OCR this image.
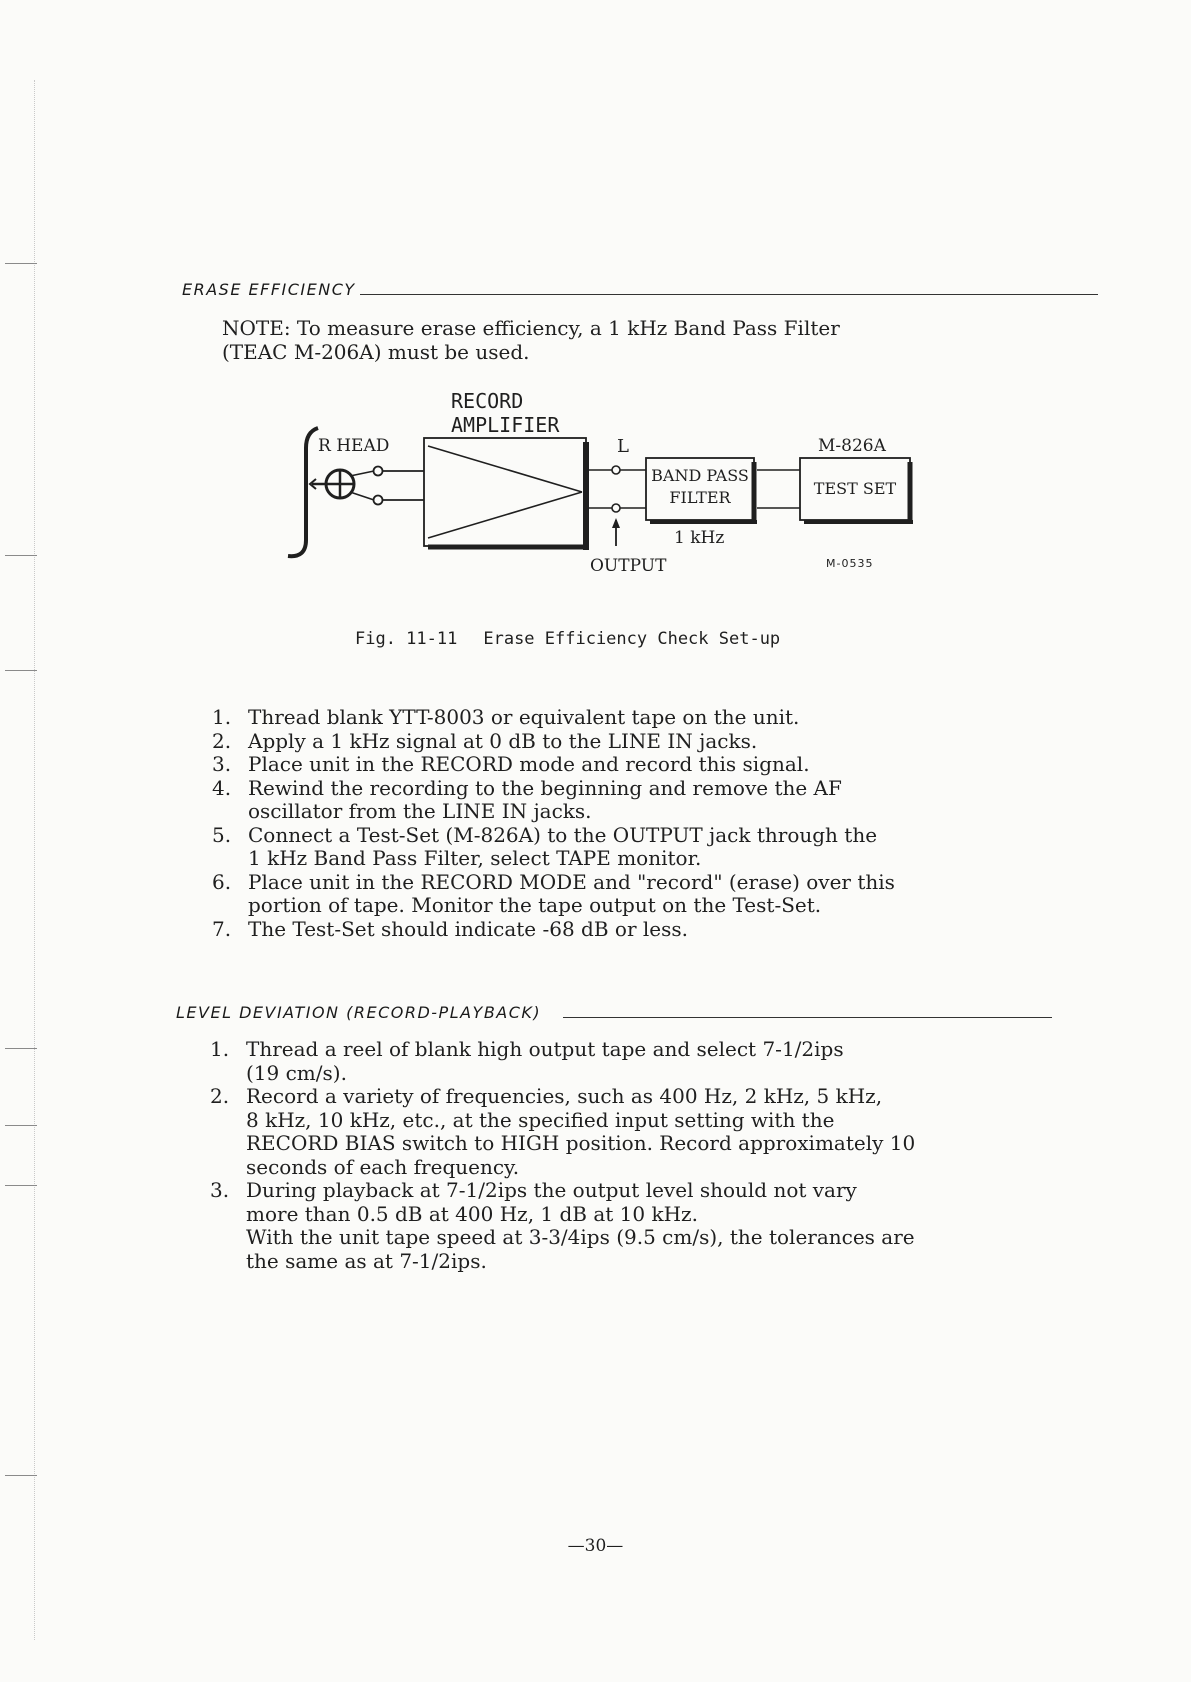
ERASE EFFICIENCY
NOTE: To measure erase efficiency, a 1 kHz Band Pass Filter
(TEAC M-206A) must be used.
RECORD
AMPLIFIER
R HEAD	L
OUTPUT
BAND PASS
FILTER
1 kHz
M-826A
TEST SET
M-0535
Fig. 11-11 Erase Efficiency Check Set-up
1. Thread blank YTT-8003 or equivalent tape on the unit.
2. Apply a 1 kHz signal at 0 dB to the LINE IN jacks.
3. Place unit in the RECORD mode and record this signal.
4. Rewind the recording to the beginning and remove the AF
oscillator from the LINE IN jacks.
5. Connect a Test-Set (M-826A) to the OUTPUT jack through the
1 kHz Band Pass Filter, select TAPE monitor.
6. Place unit in the RECORD MODE and "record" (erase) over this
portion of tape. Monitor the tape output on the Test-Set.
7. The Test-Set should indicate -68 dB or less.
LEVEL DEVIATION (RECORD-PLAYBACK)
1. Thread a reel of blank high output tape and select 7-1/2ips
(19 cm/s).
2. Record a variety of frequencies, such as 400 Hz, 2 kHz, 5 kHz,
8 kHz, 10 kHz, etc., at the specified input setting with the
RECORD BIAS switch to HIGH position. Record approximately 10
seconds of each frequency.
3. During playback at 7-1/2ips the output level should not vary
more than 0.5 dB at 400 Hz, 1 dB at 10 kHz.
With the unit tape speed at 3-3/4ips (9.5 cm/s), the tolerances are
the same as at 7-1/2ips.
—30—
